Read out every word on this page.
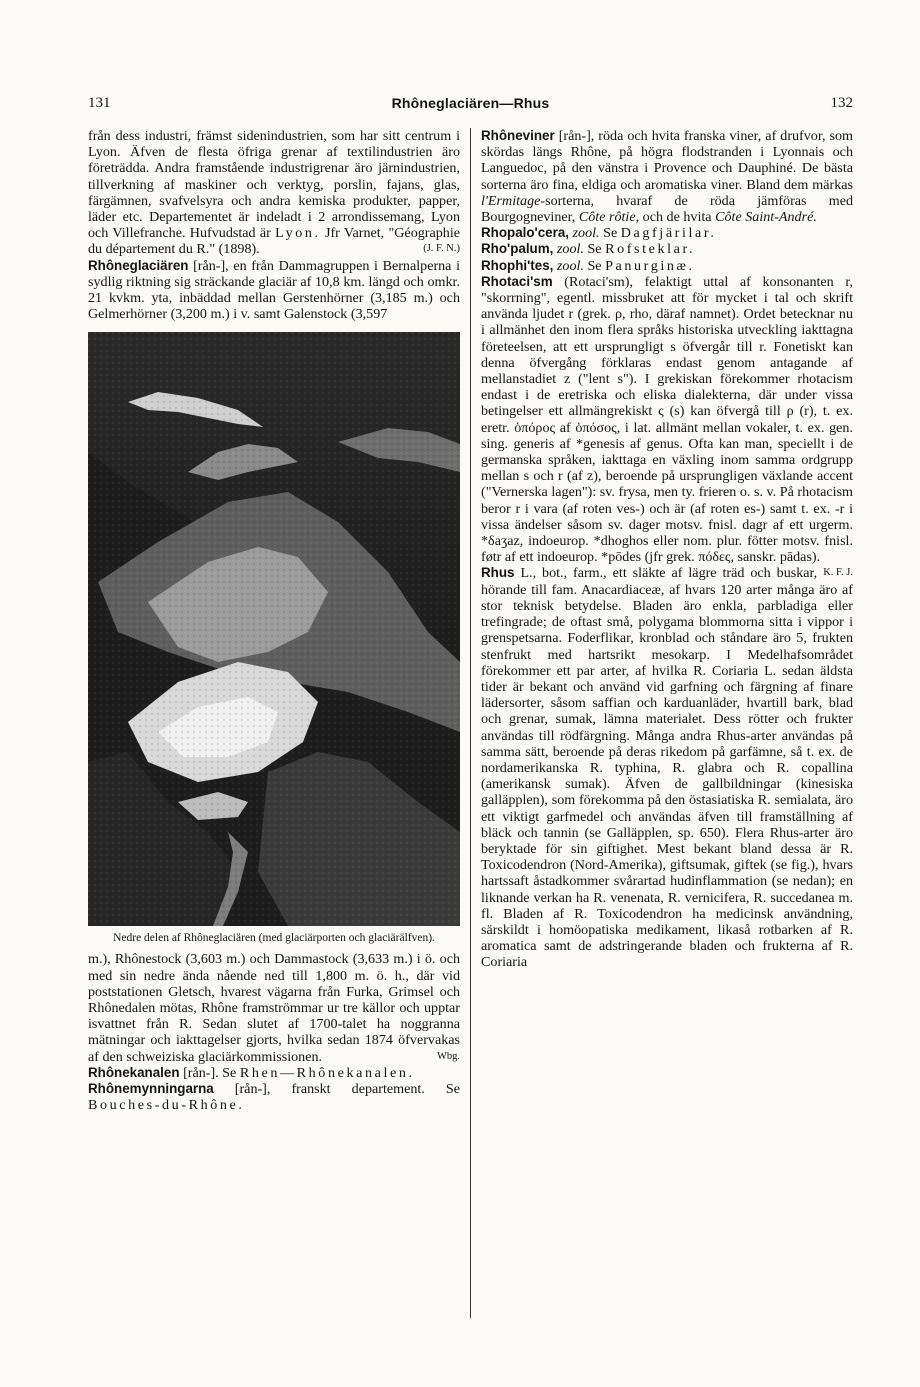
131	Rhôneglaciären—Rhus	132

från dess industri, främst sidenindustrien, som har sitt centrum i Lyon. Äfven de flesta öfriga grenar af textilindustrien äro företrädda. Andra framstående industrigrenar äro järnindustrien, tillverkning af maskiner och verktyg, porslin, fajans, glas, färgämnen, svafvelsyra och andra kemiska produkter, papper, läder etc. Departementet är indeladt i 2 arrondissemang, Lyon och Villefranche. Hufvudstad är Lyon. Jfr Varnet, "Géographie du département du R." (1898).	(J. F. N.)

Rhôneglaciären [rån-], en från Dammagruppen i Bernalperna i sydlig riktning sig sträckande glaciär af 10,8 km. längd och omkr. 21 kvkm. yta, inbäddad mellan Gerstenhörner (3,185 m.) och Gelmerhörner (3,200 m.) i v. samt Galenstock (3,597

Nedre delen af Rhôneglaciären (med glaciärporten och glaciärälfven).

m.), Rhônestock (3,603 m.) och Dammastock (3,633 m.) i ö. och med sin nedre ända nående ned till 1,800 m. ö. h., där vid poststationen Gletsch, hvarest vägarna från Furka, Grimsel och Rhônedalen mötas, Rhône framströmmar ur tre källor och upptar isvattnet från R. Sedan slutet af 1700-talet ha noggranna mätningar och iakttagelser gjorts, hvilka sedan 1874 öfvervakas af den schweiziska glaciärkommissionen.	Wbg.

Rhônekanalen [rån-]. Se Rhen—Rhônekanalen.

Rhônemynningarna [rån-], franskt departement. Se Bouches-du-Rhône.

Rhôneviner [rån-], röda och hvita franska viner, af drufvor, som skördas längs Rhône, på högra flodstranden i Lyonnais och Languedoc, på den vänstra i Provence och Dauphiné. De bästa sorterna äro fina, eldiga och aromatiska viner. Bland dem märkas l'Ermitage-sorterna, hvaraf de röda jämföras med Bourgogneviner, Côte rôtie, och de hvita Côte Saint-André.

Rhopalo'cera, zool. Se Dagfjärilar.

Rho'palum, zool. Se Rofsteklar.

Rhophi'tes, zool. Se Panurginæ.

Rhotaci'sm (Rotaci'sm), felaktigt uttal af konsonanten r, "skorrning", egentl. missbruket att för mycket i tal och skrift använda ljudet r (grek. ρ, rho, däraf namnet). Ordet betecknar nu i allmänhet den inom flera språks historiska utveckling iakttagna företeelsen, att ett ursprungligt s öfvergår till r. Fonetiskt kan denna öfvergång förklaras endast genom antagande af mellanstadiet z ("lent s"). I grekiskan förekommer rhotacism endast i de eretriska och eliska dialekterna, där under vissa betingelser ett allmängrekiskt ς (s) kan öfvergå till ρ (r), t. ex. eretr. ὁπόρος af ὁπόσος, i lat. allmänt mellan vokaler, t. ex. gen. sing. generis af *genesis af genus. Ofta kan man, speciellt i de germanska språken, iakttaga en växling inom samma ordgrupp mellan s och r (af z), beroende på ursprungligen växlande accent ("Vernerska lagen"): sv. frysa, men ty. frieren o. s. v. På rhotacism beror r i vara (af roten ves-) och är (af roten es-) samt t. ex. -r i vissa ändelser såsom sv. dager motsv. fnisl. dagr af ett urgerm. *δaʒaz, indoeurop. *dhoghos eller nom. plur. fötter motsv. fnisl. føtr af ett indoeurop. *pōdes (jfr grek. πόδες, sanskr. pādas).
K. F. J.

Rhus L., bot., farm., ett släkte af lägre träd och buskar, hörande till fam. Anacardiaceæ, af hvars 120 arter många äro af stor teknisk betydelse. Bladen äro enkla, parbladiga eller trefingrade; de oftast små, polygama blommorna sitta i vippor i grenspetsarna. Foderflikar, kronblad och ståndare äro 5, frukten stenfrukt med hartsrikt mesokarp. I Medelhafsområdet förekommer ett par arter, af hvilka R. Coriaria L. sedan äldsta tider är bekant och använd vid garfning och färgning af finare lädersorter, såsom saffian och karduanläder, hvartill bark, blad och grenar, sumak, lämna materialet. Dess rötter och frukter användas till rödfärgning. Många andra Rhus-arter användas på samma sätt, beroende på deras rikedom på garfämne, så t. ex. de nordamerikanska R. typhina, R. glabra och R. copallina (amerikansk sumak). Äfven de gallbildningar (kinesiska galläpplen), som förekomma på den östasiatiska R. semialata, äro ett viktigt garfmedel och användas äfven till framställning af bläck och tannin (se Galläpplen, sp. 650). Flera Rhus-arter äro beryktade för sin giftighet. Mest bekant bland dessa är R. Toxicodendron (Nord-Amerika), giftsumak, giftek (se fig.), hvars hartssaft åstadkommer svårartad hudinflammation (se nedan); en liknande verkan ha R. venenata, R. vernicifera, R. succedanea m. fl. Bladen af R. Toxicodendron ha medicinsk användning, särskildt i homöopatiska medikament, likaså rotbarken af R. aromatica samt de adstringerande bladen och frukterna af R. Coriaria
